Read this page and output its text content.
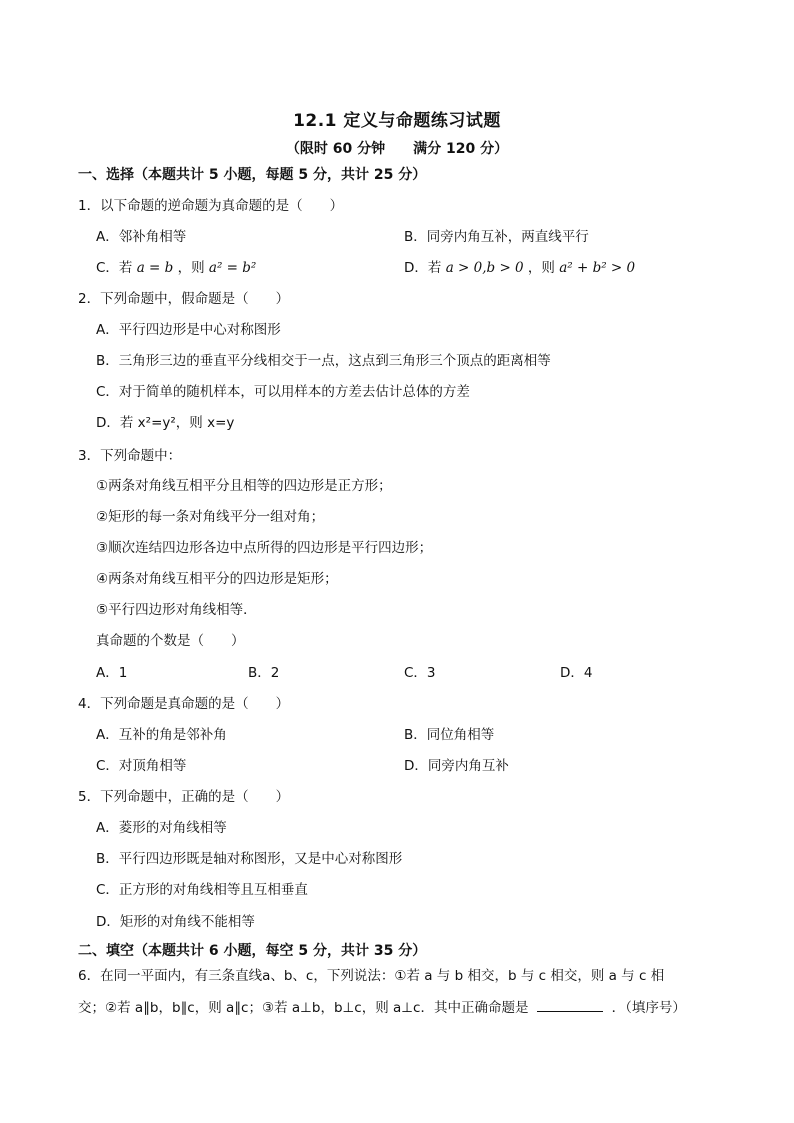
12.1 定义与命题练习试题
（限时 60 分钟 满分 120 分）
一、选择（本题共计 5 小题，每题 5 分，共计 25 分）
1．以下命题的逆命题为真命题的是（　　）
A．邻补角相等	B．同旁内角互补，两直线平行
C．若 a = b ，则 a² = b²	D．若 a > 0,b > 0 ，则 a² + b² > 0
2．下列命题中，假命题是（　　）
A．平行四边形是中心对称图形
B．三角形三边的垂直平分线相交于一点，这点到三角形三个顶点的距离相等
C．对于简单的随机样本，可以用样本的方差去估计总体的方差
D．若 x²=y²，则 x=y
3．下列命题中：
①两条对角线互相平分且相等的四边形是正方形；
②矩形的每一条对角线平分一组对角；
③顺次连结四边形各边中点所得的四边形是平行四边形；
④两条对角线互相平分的四边形是矩形；
⑤平行四边形对角线相等．
真命题的个数是（　　）
A．1	B．2	C．3	D．4
4．下列命题是真命题的是（　　）
A．互补的角是邻补角	B．同位角相等
C．对顶角相等	D．同旁内角互补
5．下列命题中，正确的是（　　）
A．菱形的对角线相等
B．平行四边形既是轴对称图形，又是中心对称图形
C．正方形的对角线相等且互相垂直
D．矩形的对角线不能相等
二、填空（本题共计 6 小题，每空 5 分，共计 35 分）
6．在同一平面内，有三条直线a、b、c，下列说法：①若 a 与 b 相交，b 与 c 相交，则 a 与 c 相
交；②若 a∥b，b∥c，则 a∥c；③若 a⊥b，b⊥c，则 a⊥c．其中正确命题是	．（填序号）
